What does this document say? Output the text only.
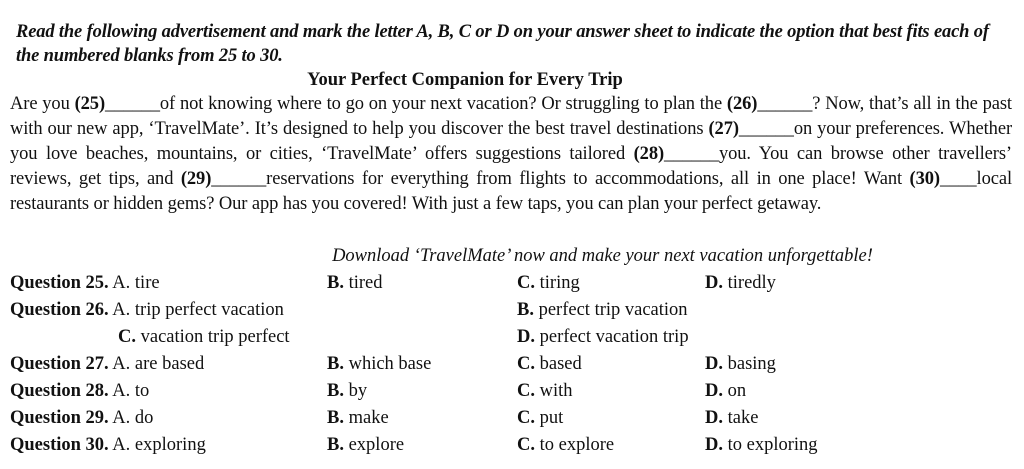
Read the following advertisement and mark the letter A, B, C or D on your answer sheet to indicate the option that best fits each of the numbered blanks from 25 to 30.
Your Perfect Companion for Every Trip
Are you (25)______of not knowing where to go on your next vacation? Or struggling to plan the (26)______? Now, that’s all in the past with our new app, ‘TravelMate’. It’s designed to help you discover the best travel destinations (27)______on your preferences. Whether you love beaches, mountains, or cities, ‘TravelMate’ offers suggestions tailored (28)______you. You can browse other travellers’ reviews, get tips, and (29)______reservations for everything from flights to accommodations, all in one place! Want (30)____local restaurants or hidden gems? Our app has you covered! With just a few taps, you can plan your perfect getaway.
Download ‘TravelMate’ now and make your next vacation unforgettable!
Question 25. A. tire	B. tired	C. tiring	D. tiredly
Question 26. A. trip perfect vacation	B. perfect trip vacation
C. vacation trip perfect	D. perfect vacation trip
Question 27. A. are based	B. which base	C. based	D. basing
Question 28. A. to	B. by	C. with	D. on
Question 29. A. do	B. make	C. put	D. take
Question 30. A. exploring	B. explore	C. to explore	D. to exploring
